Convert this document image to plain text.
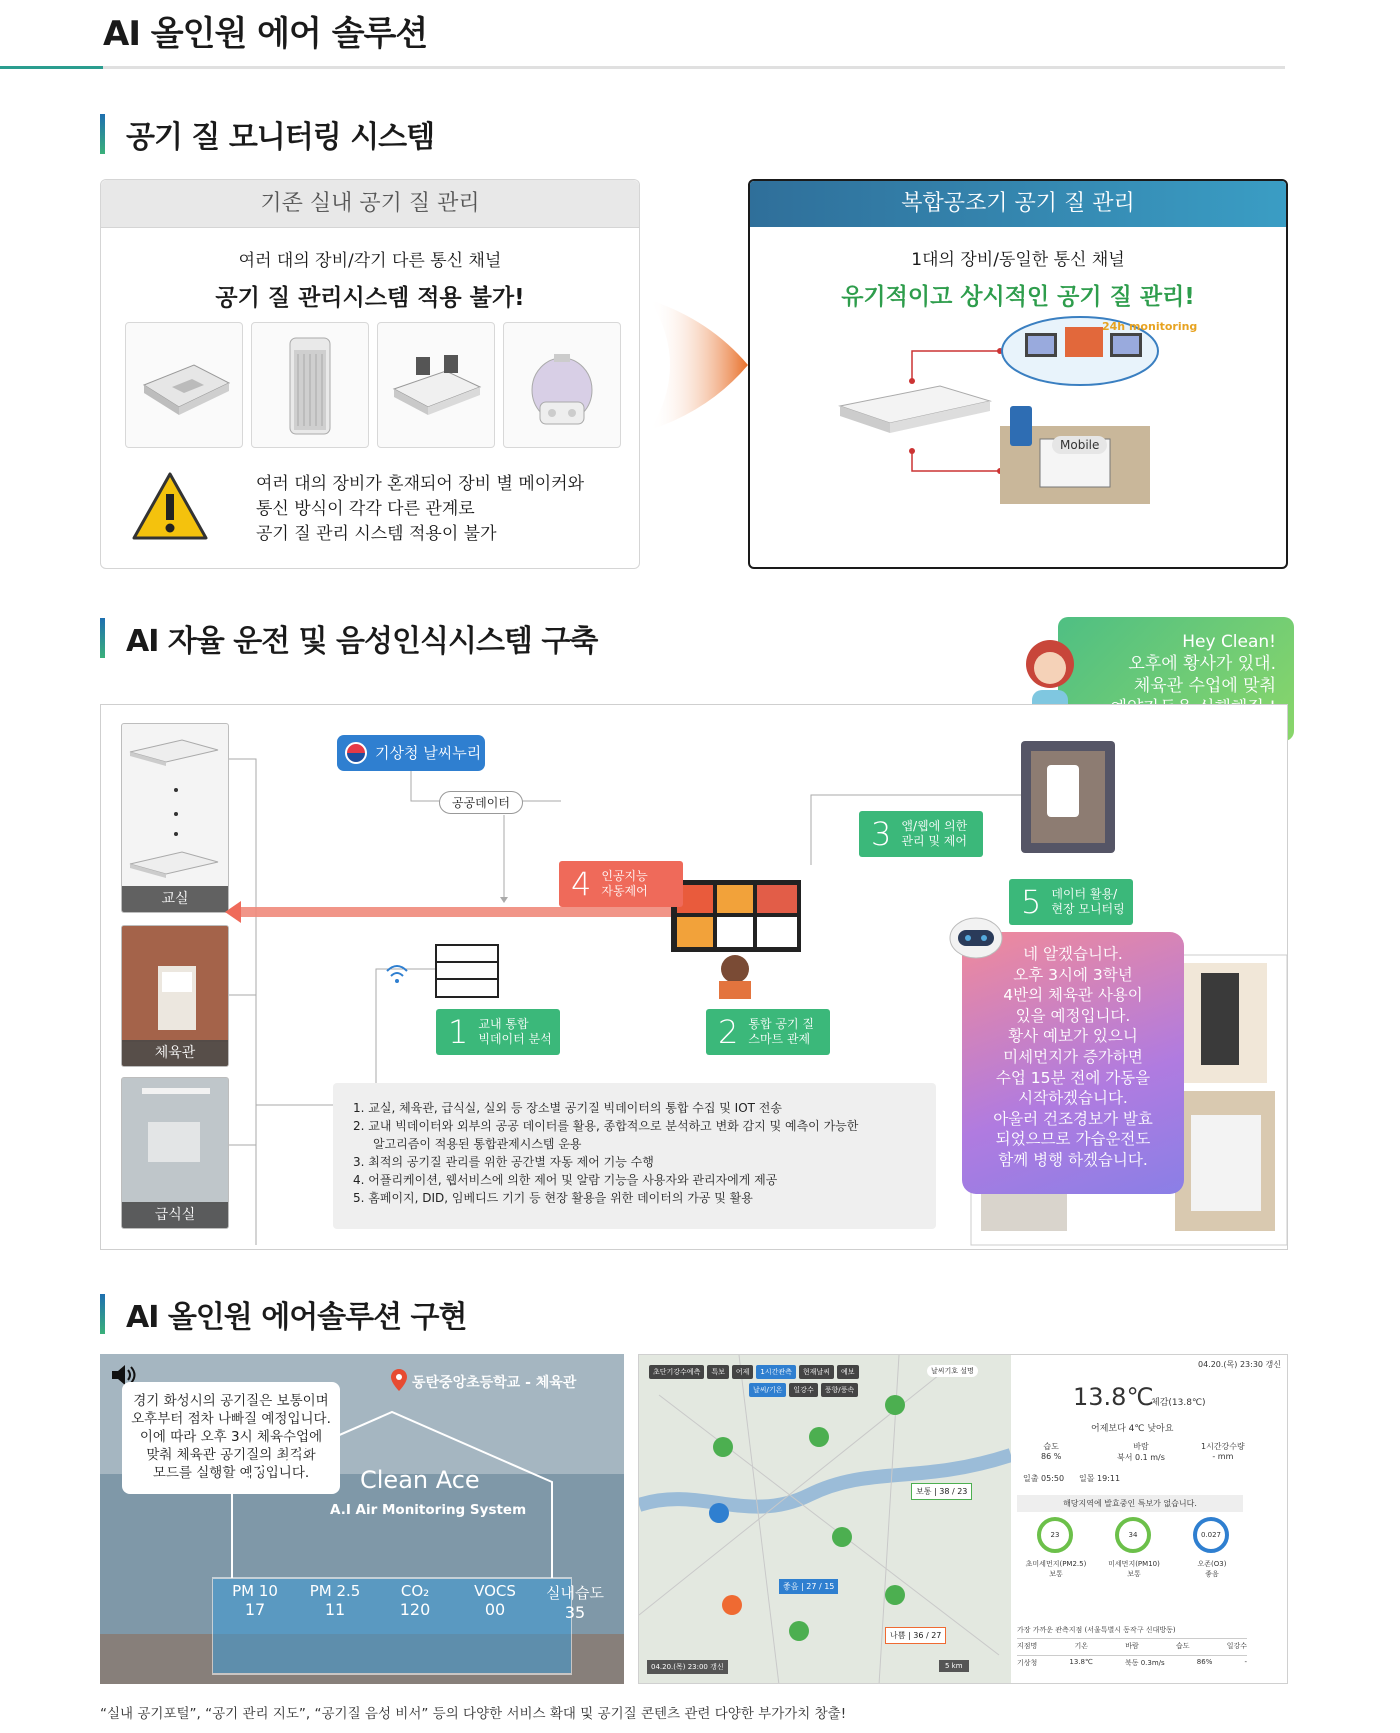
AI 올인원 에어 솔루션
공기 질 모니터링 시스템
기존 실내 공기 질 관리
여러 대의 장비/각기 다른 통신 채널
공기 질 관리시스템 적용 불가!
여러 대의 장비가 혼재되어 장비 별 메이커와
통신 방식이 각각 다른 관계로
공기 질 관리 시스템 적용이 불가
복합공조기 공기 질 관리
1대의 장비/동일한 통신 채널
유기적이고 상시적인 공기 질 관리!
24h monitoring
Mobile
AI 자율 운전 및 음성인식시스템 구축	Hey Clean!
오후에 황사가 있대.
체육관 수업에 맞춰
교실
체육관
급식실
기상청 날씨누리
공공데이터
1 교내 통합
빅데이터 분석	2 통합 공기 질
스마트 관제
3 앱/웹에 의한
관리 및 제어
4 인공지능
자동제어	5 데이터 활용/
현장 모니터링
1. 교실, 체육관, 급식실, 실외 등 장소별 공기질 빅데이터의 통합 수집 및 IOT 전송
2. 교내 빅데이터와 외부의 공공 데이터를 활용, 종합적으로 분석하고 변화 감지 및 예측이 가능한
알고리즘이 적용된 통합관제시스템 운용
3. 최적의 공기질 관리를 위한 공간별 자동 제어 기능 수행
4. 어플리케이션, 웹서비스에 의한 제어 및 알람 기능을 사용자와 관리자에게 제공
5. 홈페이지, DID, 임베디드 기기 등 현장 활용을 위한 데이터의 가공 및 활용
네 알겠습니다.
오후 3시에 3학년
4반의 체육관 사용이
있을 예정입니다.
황사 예보가 있으니
미세먼지가 증가하면
수업 15분 전에 가동을
시작하겠습니다.
아울러 건조경보가 발효
되었으므로 가습운전도
함께 병행 하겠습니다.
AI 올인원 에어솔루션 구현
경기 화성시의 공기질은 보통이며
오후부터 점차 나빠질 예정입니다.
이에 따라 오후 3시 체육수업에
맞춰 체육관 공기질의 최적화
모드를 실행할 예정입니다.
동탄중앙초등학교 - 체육관
Clean Ace
A.I Air Monitoring System
PM 10
17
PM 2.5
11
CO₂
120
VOCS
00
실내습도
35
초단기강수예측	특보	어제	1시간관측	현재날씨	예보
날씨/기온	일강수	풍향/풍속
날씨기호 설명
보통 | 38 / 23
좋음 | 27 / 15
나쁨 | 36 / 27
04.20.(목) 23:00 갱신	5 km
04.20.(목) 23:30 갱신
13.8℃
체감(13.8℃)
어제보다 4℃ 낮아요
습도
86 %
바람
북서 0.1 m/s
1시간강수량
- mm
일출 05:50 일몰 19:11
해당지역에 발효중인 특보가 없습니다.
23	34	0.027
초미세먼지(PM2.5)
보통
미세먼지(PM10)
보통
오존(O3)
좋음
가장 가까운 관측지점 (서울특별시 동작구 신대방동)
지점명	기온	바람	습도	일강수
기상청	13.8℃	북동 0.3m/s	86%	-
“실내 공기포털”, “공기 관리 지도”, “공기질 음성 비서” 등의 다양한 서비스 확대 및 공기질 콘텐츠 관련 다양한 부가가치 창출!
